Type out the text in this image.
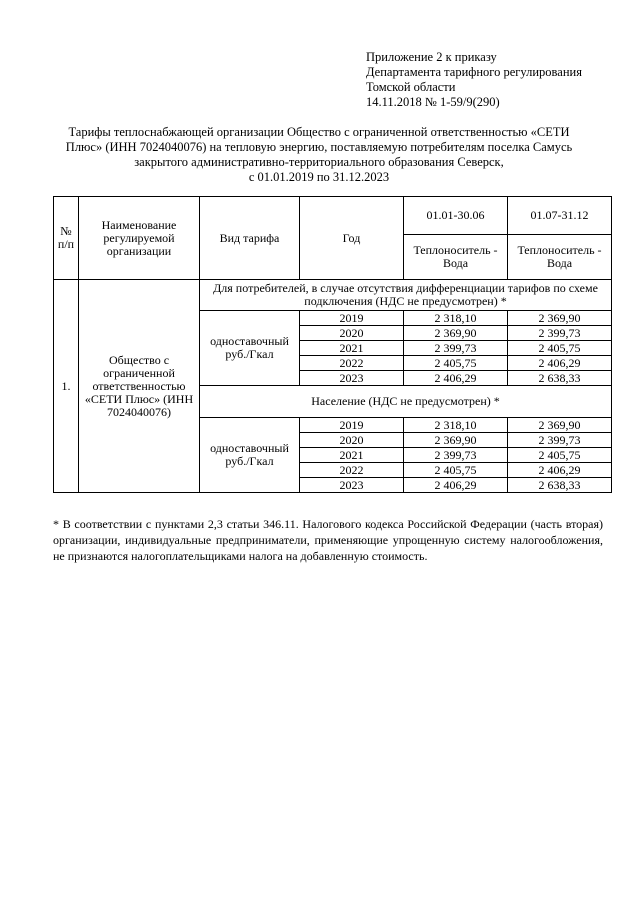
Приложение 2 к приказу
Департамента тарифного регулирования
Томской области
14.11.2018 № 1-59/9(290)
Тарифы теплоснабжающей организации Общество с ограниченной ответственностью «СЕТИ
Плюс» (ИНН 7024040076) на тепловую энергию, поставляемую потребителям поселка Самусь
закрытого административно-территориального образования Северск,
с 01.01.2019 по 31.12.2023
№ п/п	Наименование регулируемой организации	Вид тарифа	Год	01.01-30.06	01.07-31.12
				Теплоноситель - Вода	Теплоноситель - Вода
1.	Общество с ограниченной ответственностью «СЕТИ Плюс» (ИНН 7024040076)	Для потребителей, в случае отсутствия дифференциации тарифов по схеме подключения (НДС не предусмотрен) *			
		одноставочный руб./Гкал	2019	2 318,10	2 369,90
			2020	2 369,90	2 399,73
			2021	2 399,73	2 405,75
			2022	2 405,75	2 406,29
			2023	2 406,29	2 638,33
		Население (НДС не предусмотрен) *			
		одноставочный руб./Гкал	2019	2 318,10	2 369,90
			2020	2 369,90	2 399,73
			2021	2 399,73	2 405,75
			2022	2 405,75	2 406,29
			2023	2 406,29	2 638,33
* В соответствии с пунктами 2,3 статьи 346.11. Налогового кодекса Российской Федерации (часть вторая) организации, индивидуальные предприниматели, применяющие упрощенную систему налогообложения, не признаются налогоплательщиками налога на добавленную стоимость.
